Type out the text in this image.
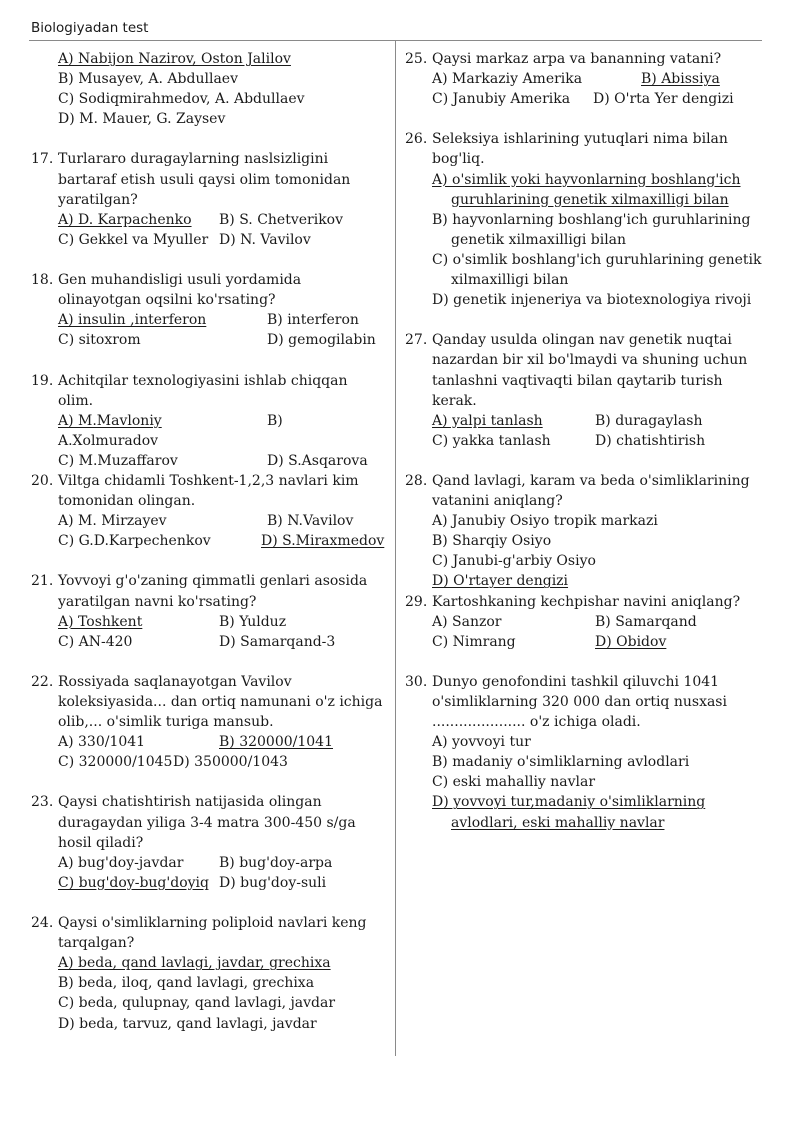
Biologiyadan test
A) Nabijon Nazirov, Oston Jalilov
B) Musayev, A. Abdullaev
C) Sodiqmirahmedov, A. Abdullaev
D) M. Mauer, G. Zaysev
17. Turlararo duragaylarning naslsizligini bartaraf etish usuli qaysi olim tomonidan yaratilgan?
A) D. Karpachenko	B) S. Chetverikov
C) Gekkel va Myuller D) N. Vavilov
18. Gen muhandisligi usuli yordamida olinayotgan oqsilni ko'rsating?
A) insulin ,interferon	B) interferon
C) sitoxrom	D) gemogilabin
19. Achitqilar texnologiyasini ishlab chiqqan olim.
A) M.Mavloniy	B)
A.Xolmuradov
C) M.Muzaffarov	D) S.Asqarova
20. Viltga chidamli Toshkent-1,2,3 navlari kim tomonidan olingan.
A) M. Mirzayev	B) N.Vavilov
C) G.D.Karpechenkov	D) S.Miraxmedov
21. Yovvoyi g'o'zaning qimmatli genlari asosida yaratilgan navni ko'rsating?
A) Toshkent	B) Yulduz
C) AN-420	D) Samarqand-3
22. Rossiyada saqlanayotgan Vavilov koleksiyasida... dan ortiq namunani o'z ichiga olib,... o'simlik turiga mansub.
A) 330/1041	B) 320000/1041
C) 320000/1045 D) 350000/1043
23. Qaysi chatishtirish natijasida olingan duragaydan yiliga 3-4 matra 300-450 s/ga hosil qiladi?
A) bug'doy-javdar	B) bug'doy-arpa
C) bug'doy-bug'doyiq D) bug'doy-suli
24. Qaysi o'simliklarning poliploid navlari keng tarqalgan?
A) beda, qand lavlagi, javdar, grechixa
B) beda, iloq, qand lavlagi, grechixa
C) beda, qulupnay, qand lavlagi, javdar
D) beda, tarvuz, qand lavlagi, javdar
25. Qaysi markaz arpa va bananning vatani?
A) Markaziy Amerika	B) Abissiya
C) Janubiy Amerika	D) O'rta Yer dengizi
26. Seleksiya ishlarining yutuqlari nima bilan bog'liq.
A) o'simlik yoki hayvonlarning boshlang'ich guruhlarining genetik xilmaxilligi bilan
B) hayvonlarning boshlang'ich guruhlarining genetik xilmaxilligi bilan
C) o'simlik boshlang'ich guruhlarining genetik xilmaxilligi bilan
D) genetik injeneriya va biotexnologiya rivoji
27. Qanday usulda olingan nav genetik nuqtai nazardan bir xil bo'lmaydi va shuning uchun tanlashni vaqtivaqti bilan qaytarib turish kerak.
A) yalpi tanlash	B) duragaylash
C) yakka tanlash	D) chatishtirish
28. Qand lavlagi, karam va beda o'simliklarining vatanini aniqlang?
A) Janubiy Osiyo tropik markazi
B) Sharqiy Osiyo
C) Janubi-g'arbiy Osiyo
D) O'rtayer dengizi
29. Kartoshkaning kechpishar navini aniqlang?
A) Sanzor	B) Samarqand
C) Nimrang	D) Obidov
30. Dunyo genofondini tashkil qiluvchi 1041 o'simliklarning 320 000 dan ortiq nusxasi ..................... o'z ichiga oladi.
A) yovvoyi tur
B) madaniy o'simliklarning avlodlari
C) eski mahalliy navlar
D) yovvoyi tur,madaniy o'simliklarning avlodlari, eski mahalliy navlar
